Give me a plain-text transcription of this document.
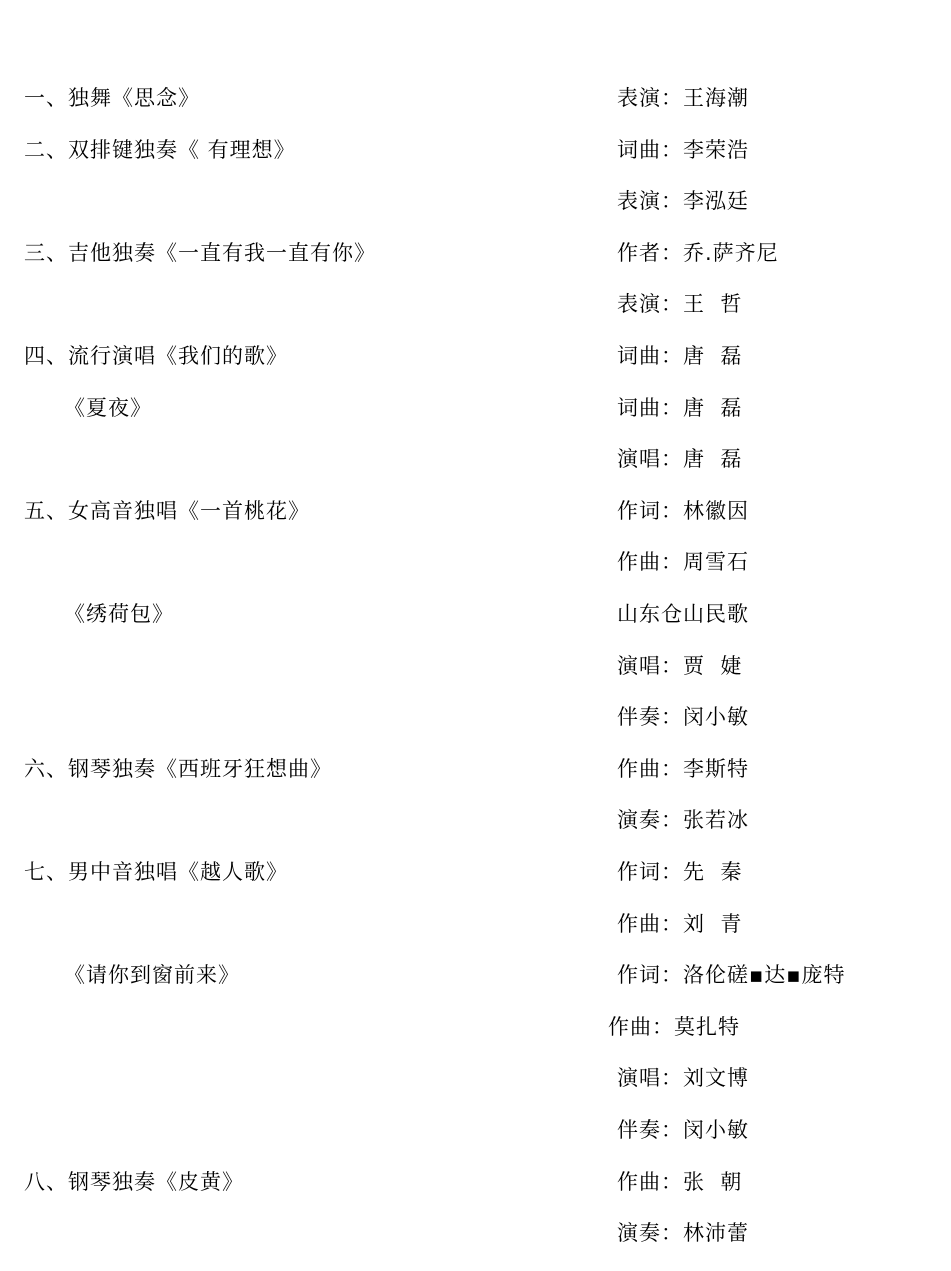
一、独舞《思念》	表演：王海潮
二、双排键独奏《 有理想》	词曲：李荣浩
表演：李泓廷
三、吉他独奏《一直有我一直有你》	作者：乔.萨齐尼
表演：王  哲
四、流行演唱《我们的歌》	词曲：唐  磊
《夏夜》	词曲：唐  磊
演唱：唐  磊
五、女高音独唱《一首桃花》	作词：林徽因
作曲：周雪石
《绣荷包》	山东仓山民歌
演唱：贾  婕
伴奏：闵小敏
六、钢琴独奏《西班牙狂想曲》	作曲：李斯特
演奏：张若冰
七、男中音独唱《越人歌》	作词：先  秦
作曲：刘  青
《请你到窗前来》	作词：洛伦磋▪达▪庞特
作曲：莫扎特
演唱：刘文博
伴奏：闵小敏
八、钢琴独奏《皮黄》	作曲：张  朝
演奏：林沛蕾
